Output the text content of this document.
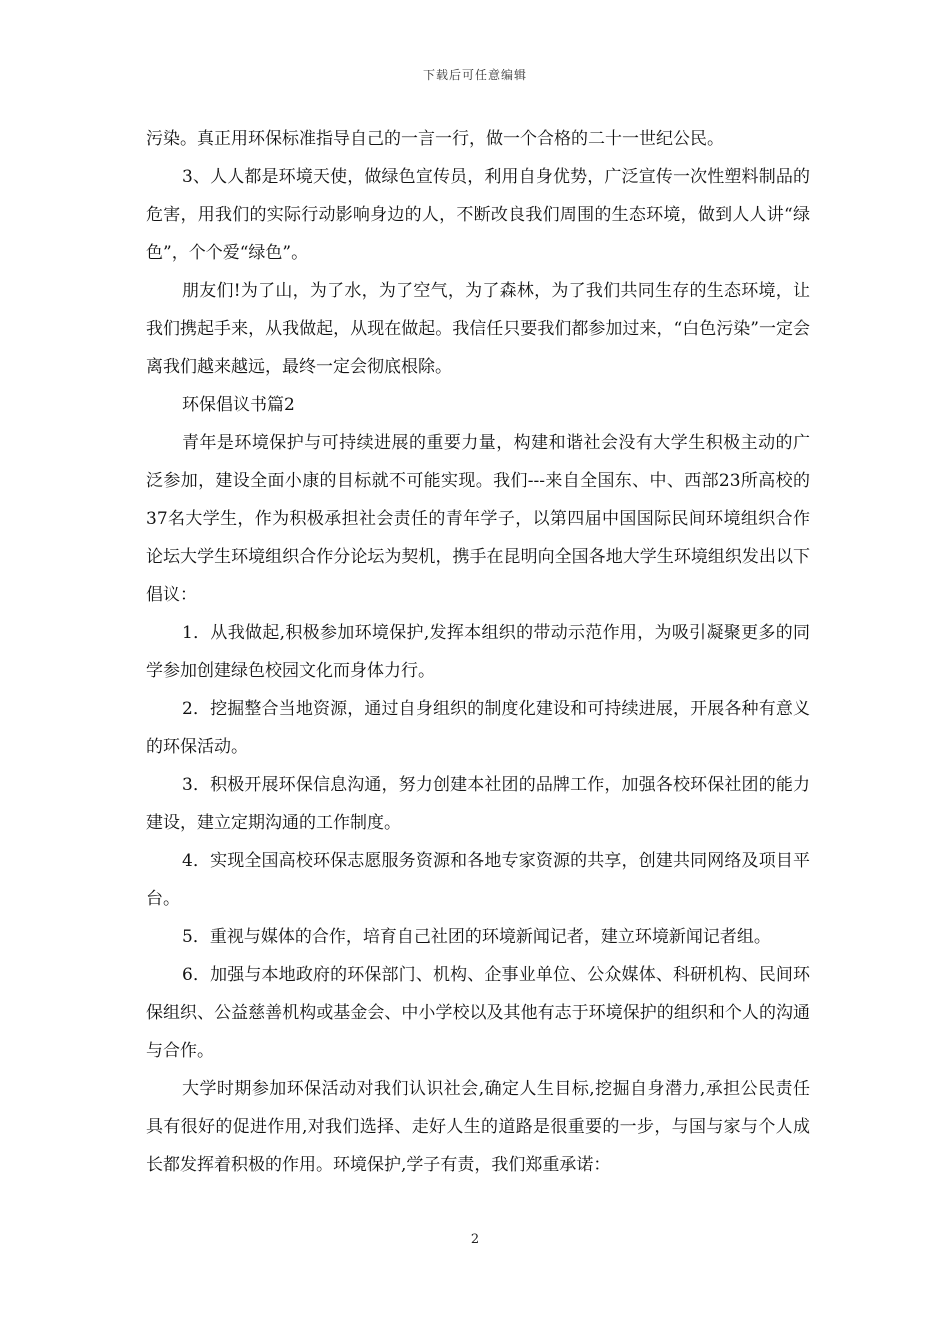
下载后可任意编辑

污染。真正用环保标准指导自己的一言一行，做一个合格的二十一世纪公民。

3、人人都是环境天使，做绿色宣传员，利用自身优势，广泛宣传一次性塑料制品的危害，用我们的实际行动影响身边的人，不断改良我们周围的生态环境，做到人人讲“绿色”，个个爱“绿色”。

朋友们!为了山，为了水，为了空气，为了森林，为了我们共同生存的生态环境，让我们携起手来，从我做起，从现在做起。我信任只要我们都参加过来，“白色污染”一定会离我们越来越远，最终一定会彻底根除。

环保倡议书篇2

青年是环境保护与可持续进展的重要力量，构建和谐社会没有大学生积极主动的广泛参加，建设全面小康的目标就不可能实现。我们---来自全国东、中、西部23所高校的37名大学生，作为积极承担社会责任的青年学子，以第四届中国国际民间环境组织合作论坛大学生环境组织合作分论坛为契机，携手在昆明向全国各地大学生环境组织发出以下倡议：

1．从我做起,积极参加环境保护,发挥本组织的带动示范作用，为吸引凝聚更多的同学参加创建绿色校园文化而身体力行。

2．挖掘整合当地资源，通过自身组织的制度化建设和可持续进展，开展各种有意义的环保活动。

3．积极开展环保信息沟通，努力创建本社团的品牌工作，加强各校环保社团的能力建设，建立定期沟通的工作制度。

4．实现全国高校环保志愿服务资源和各地专家资源的共享，创建共同网络及项目平台。

5．重视与媒体的合作，培育自己社团的环境新闻记者，建立环境新闻记者组。

6．加强与本地政府的环保部门、机构、企事业单位、公众媒体、科研机构、民间环保组织、公益慈善机构或基金会、中小学校以及其他有志于环境保护的组织和个人的沟通与合作。

大学时期参加环保活动对我们认识社会,确定人生目标,挖掘自身潜力,承担公民责任具有很好的促进作用,对我们选择、走好人生的道路是很重要的一步，与国与家与个人成长都发挥着积极的作用。环境保护,学子有责，我们郑重承诺：

2
